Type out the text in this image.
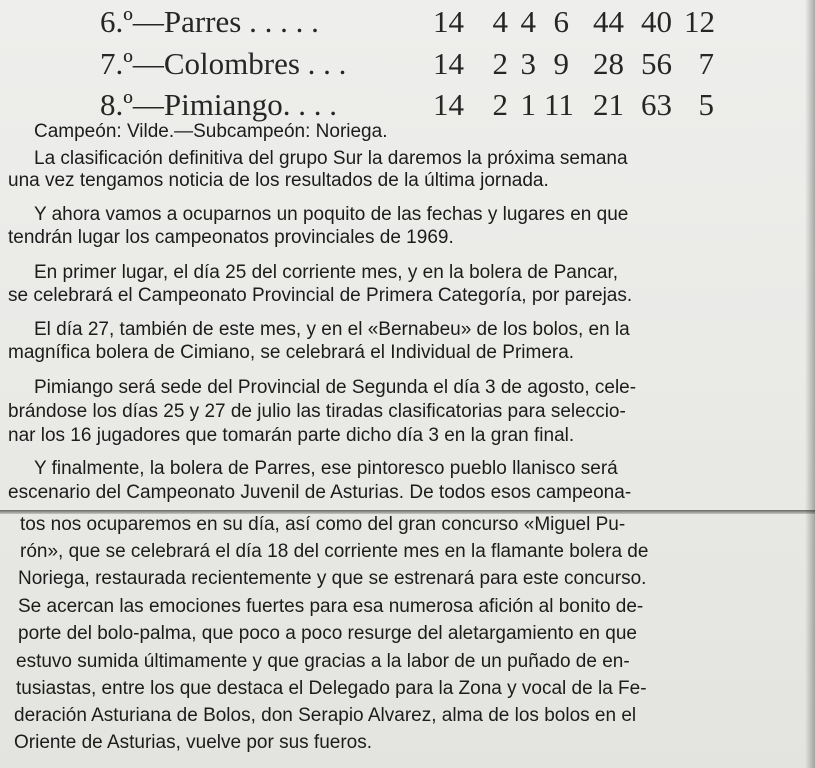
6.º—Parres . . . . .	14 4 4 6 44 40 12
7.º—Colombres . . .	14 2 3 9 28 56 7
8.º—Pimiango. . . .	14 2 1 11 21 63 5
Campeón: Vilde.—Subcampeón: Noriega.
La clasificación definitiva del grupo Sur la daremos la próxima semana
una vez tengamos noticia de los resultados de la última jornada.
Y ahora vamos a ocuparnos un poquito de las fechas y lugares en que
tendrán lugar los campeonatos provinciales de 1969.
En primer lugar, el día 25 del corriente mes, y en la bolera de Pancar,
se celebrará el Campeonato Provincial de Primera Categoría, por parejas.
El día 27, también de este mes, y en el «Bernabeu» de los bolos, en la
magnífica bolera de Cimiano, se celebrará el Individual de Primera.
Pimiango será sede del Provincial de Segunda el día 3 de agosto, cele-
brándose los días 25 y 27 de julio las tiradas clasificatorias para seleccio-
nar los 16 jugadores que tomarán parte dicho día 3 en la gran final.
Y finalmente, la bolera de Parres, ese pintoresco pueblo llanisco será
escenario del Campeonato Juvenil de Asturias. De todos esos campeona-
tos nos ocuparemos en su día, así como del gran concurso «Miguel Pu-
rón», que se celebrará el día 18 del corriente mes en la flamante bolera de
Noriega, restaurada recientemente y que se estrenará para este concurso.
Se acercan las emociones fuertes para esa numerosa afición al bonito de-
porte del bolo-palma, que poco a poco resurge del aletargamiento en que
estuvo sumida últimamente y que gracias a la labor de un puñado de en-
tusiastas, entre los que destaca el Delegado para la Zona y vocal de la Fe-
deración Asturiana de Bolos, don Serapio Alvarez, alma de los bolos en el
Oriente de Asturias, vuelve por sus fueros.
